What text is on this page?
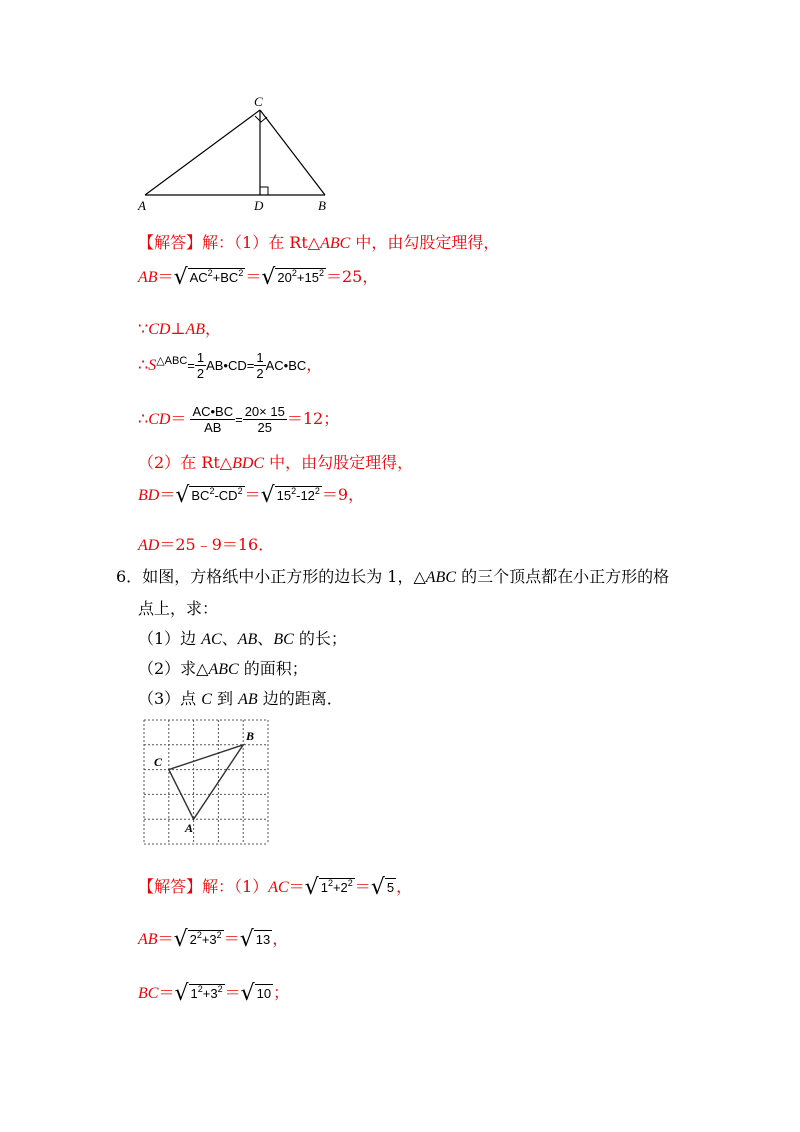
C
A	D	B
【解答】解：（1）在 Rt△ABC 中，由勾股定理得，
AB＝√ $AC^2+BC^2$ ＝√ $20^2+15^2 =25$，
∵CD⊥AB，
$\therefore S^{\triangle ABC}= \frac{1}{2}$ AB•CD= $\frac{1}{2}$ AC•BC，
∴CD＝ $\frac{AC•BC}{AB} = \frac{20\times 15}{25} =12$；
（2）在 Rt△BDC 中，由勾股定理得，
BD＝√ $BC^2-CD^2$ ＝√ $15^2-12^2 =9$，
AD＝25﹣9＝16．
6．如图，方格纸中小正方形的边长为 1，△ABC 的三个顶点都在小正方形的格
点上，求：
（1）边 AC、AB、BC 的长；
（2）求△ABC 的面积；
（3）点 C 到 AB 边的距离．
B
C
A
【解答】解：（1）AC＝√ $1^2+2^2$ ＝√ 5 ，
AB＝√ $2^2+3^2$ ＝√ 13 ，
BC＝√ $1^2+3^2$ ＝√ 10 ；
